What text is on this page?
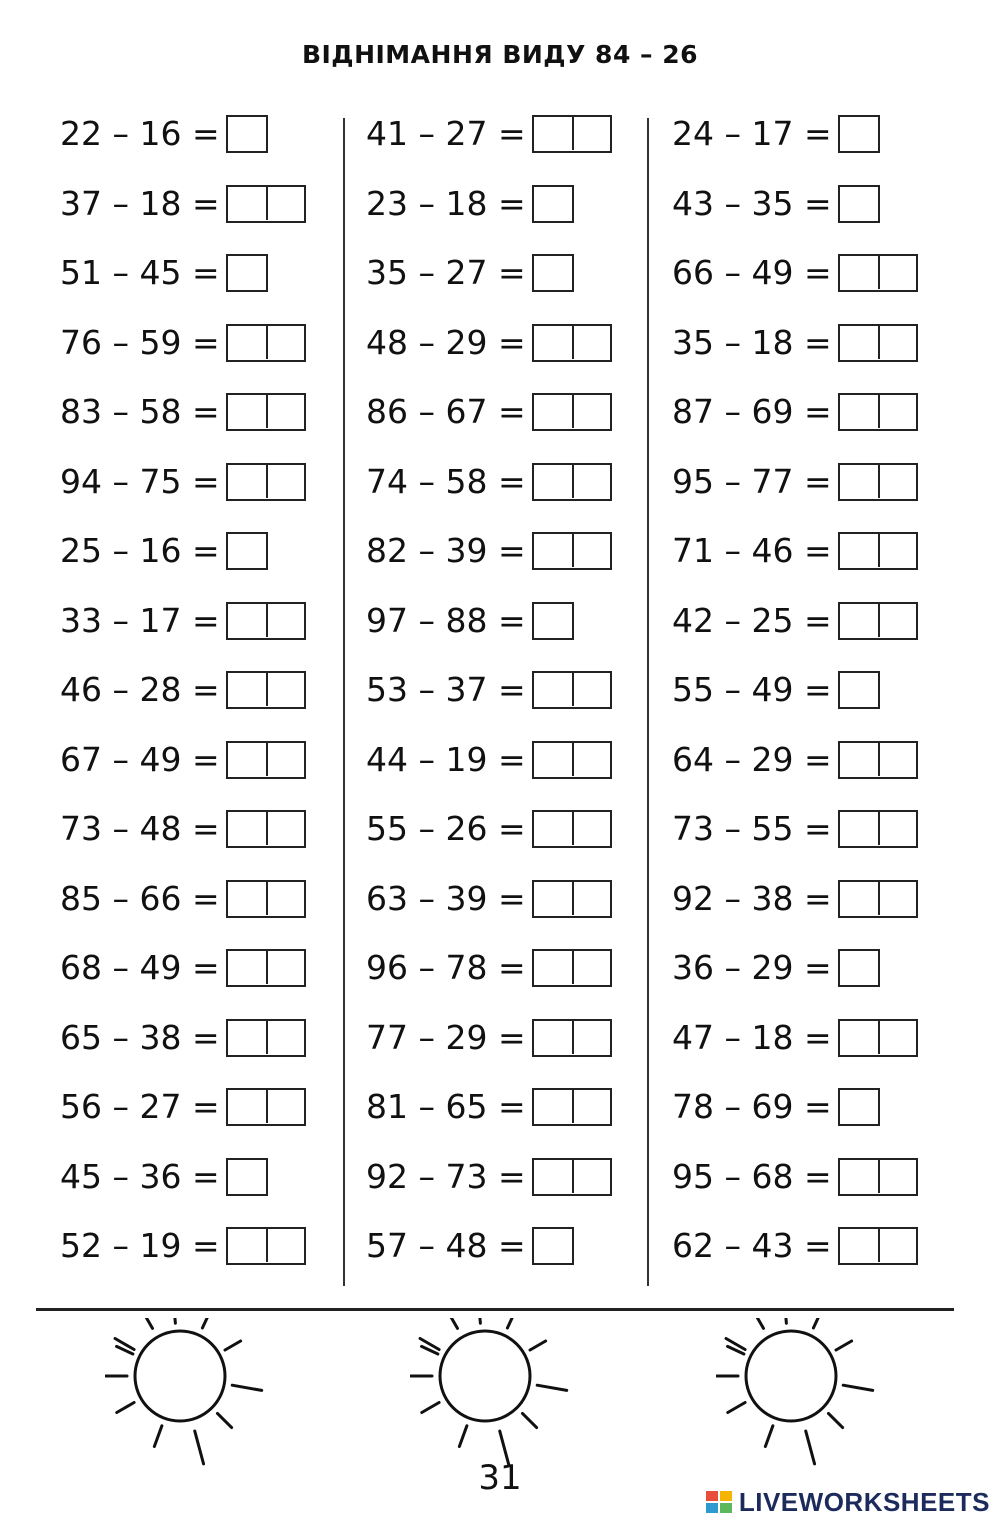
ВІДНІМАННЯ ВИДУ 84 – 26
22 – 16 =
37 – 18 =
51 – 45 =
76 – 59 =
83 – 58 =
94 – 75 =
25 – 16 =
33 – 17 =
46 – 28 =
67 – 49 =
73 – 48 =
85 – 66 =
68 – 49 =
65 – 38 =
56 – 27 =
45 – 36 =
52 – 19 =
41 – 27 =
23 – 18 =
35 – 27 =
48 – 29 =
86 – 67 =
74 – 58 =
82 – 39 =
97 – 88 =
53 – 37 =
44 – 19 =
55 – 26 =
63 – 39 =
96 – 78 =
77 – 29 =
81 – 65 =
92 – 73 =
57 – 48 =
24 – 17 =
43 – 35 =
66 – 49 =
35 – 18 =
87 – 69 =
95 – 77 =
71 – 46 =
42 – 25 =
55 – 49 =
64 – 29 =
73 – 55 =
92 – 38 =
36 – 29 =
47 – 18 =
78 – 69 =
95 – 68 =
62 – 43 =
31
LIVEWORKSHEETS
